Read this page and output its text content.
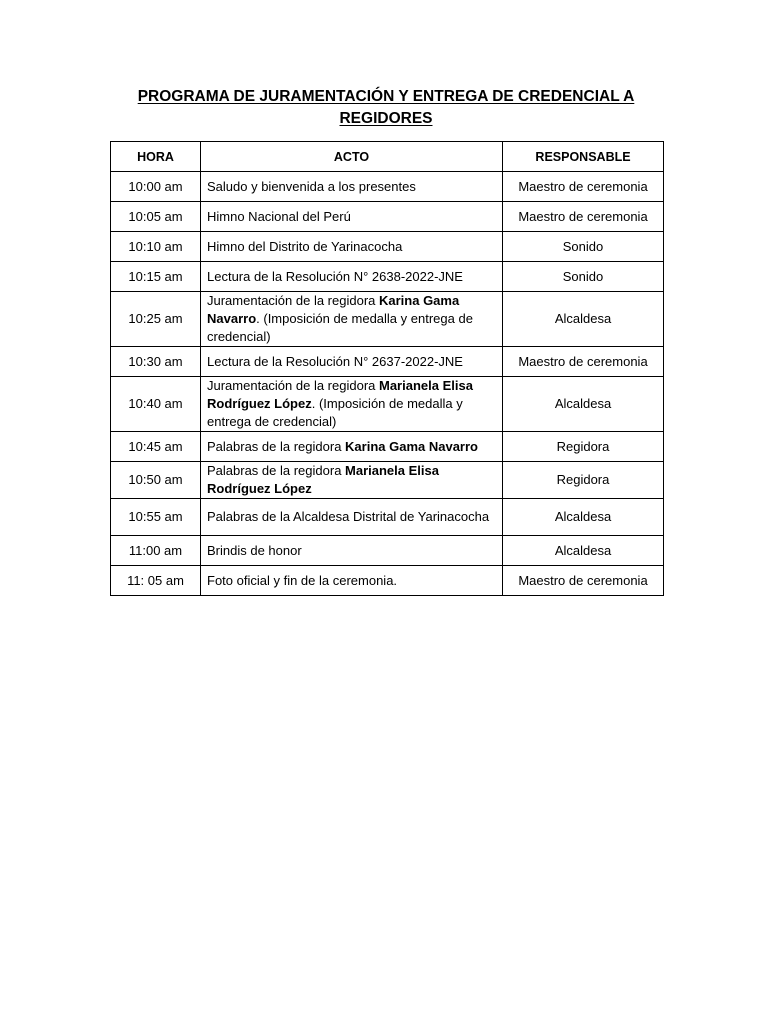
PROGRAMA DE JURAMENTACIÓN Y ENTREGA DE CREDENCIAL A
REGIDORES
HORA	ACTO	RESPONSABLE
10:00 am	Saludo y bienvenida a los presentes	Maestro de ceremonia
10:05 am	Himno Nacional del Perú	Maestro de ceremonia
10:10 am	Himno del Distrito de Yarinacocha	Sonido
10:15 am	Lectura de la Resolución N° 2638-2022-JNE	Sonido
10:25 am	Juramentación de la regidora Karina Gama Navarro. (Imposición de medalla y entrega de credencial)	Alcaldesa
10:30 am	Lectura de la Resolución N° 2637-2022-JNE	Maestro de ceremonia
10:40 am	Juramentación de la regidora Marianela Elisa Rodríguez López. (Imposición de medalla y entrega de credencial)	Alcaldesa
10:45 am	Palabras de la regidora Karina Gama Navarro	Regidora
10:50 am	Palabras de la regidora Marianela Elisa Rodríguez López	Regidora
10:55 am	Palabras de la Alcaldesa Distrital de Yarinacocha	Alcaldesa
11:00 am	Brindis de honor	Alcaldesa
11: 05 am	Foto oficial y fin de la ceremonia.	Maestro de ceremonia
